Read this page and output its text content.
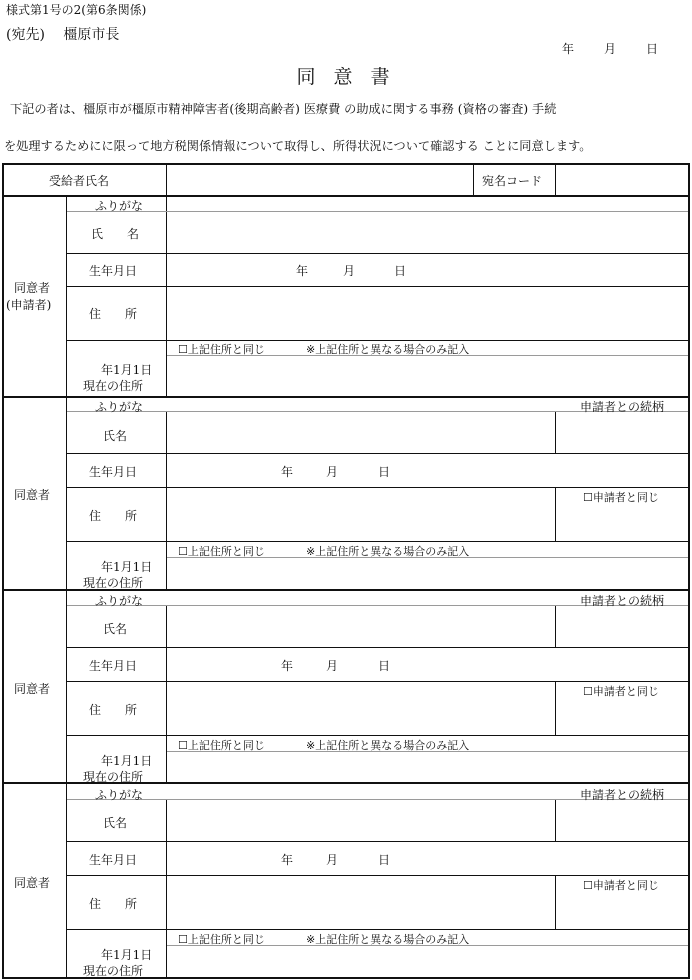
様式第1号の2(第6条関係)
(宛先)　 橿原市長
年	月	日
同 意 書
下記の者は、橿原市が橿原市精神障害者(後期高齢者) 医療費 の助成に関する事務 (資格の審査) 手続
を処理するためにに限って地方税関係情報について取得し、所得状況について確認する ことに同意します。
受給者氏名	宛名コード
同意者
(申請者)
ふりがな
氏　　名
生年月日	年	月	日
住　　所
☐上記住所と同じ	※上記住所と異なる場合のみ記入
年1月1日
現在の住所
同意者
ふりがな	申請者との続柄
氏名
生年月日	年	月	日
住　　所
☐申請者と同じ
☐上記住所と同じ	※上記住所と異なる場合のみ記入
年1月1日
現在の住所
同意者
ふりがな	申請者との続柄
氏名
生年月日	年	月	日
住　　所
☐申請者と同じ
☐上記住所と同じ	※上記住所と異なる場合のみ記入
年1月1日
現在の住所
同意者
ふりがな	申請者との続柄
氏名
生年月日	年	月	日
住　　所
☐申請者と同じ
☐上記住所と同じ	※上記住所と異なる場合のみ記入
年1月1日
現在の住所
